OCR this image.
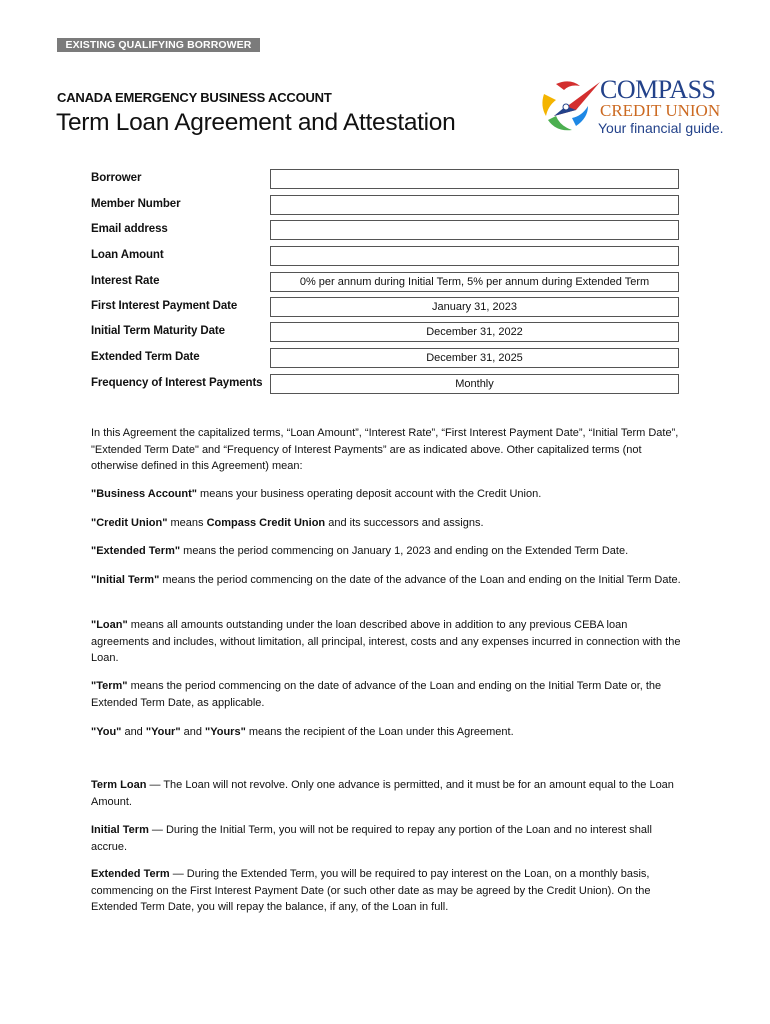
EXISTING QUALIFYING BORROWER
CANADA EMERGENCY BUSINESS ACCOUNT
Term Loan Agreement and Attestation
COMPASS
CREDIT UNION
Your financial guide.
Borrower
Member Number
Email address
Loan Amount
Interest Rate	0% per annum during Initial Term, 5% per annum during Extended Term
First Interest Payment Date	January 31, 2023
Initial Term Maturity Date	December 31, 2022
Extended Term Date	December 31, 2025
Frequency of Interest Payments	Monthly
In this Agreement the capitalized terms, “Loan Amount”, “Interest Rate”, “First Interest Payment Date”, “Initial Term Date”, "Extended Term Date" and “Frequency of Interest Payments” are as indicated above. Other capitalized terms (not otherwise defined in this Agreement) mean:
"Business Account" means your business operating deposit account with the Credit Union.
"Credit Union" means Compass Credit Union and its successors and assigns.
"Extended Term" means the period commencing on January 1, 2023 and ending on the Extended Term Date.
"Initial Term" means the period commencing on the date of the advance of the Loan and ending on the Initial Term Date.
"Loan" means all amounts outstanding under the loan described above in addition to any previous CEBA loan agreements and includes, without limitation, all principal, interest, costs and any expenses incurred in connection with the Loan.
"Term" means the period commencing on the date of advance of the Loan and ending on the Initial Term Date or, the Extended Term Date, as applicable.
"You" and "Your" and "Yours" means the recipient of the Loan under this Agreement.
Term Loan — The Loan will not revolve. Only one advance is permitted, and it must be for an amount equal to the Loan Amount.
Initial Term — During the Initial Term, you will not be required to repay any portion of the Loan and no interest shall accrue.
Extended Term — During the Extended Term, you will be required to pay interest on the Loan, on a monthly basis, commencing on the First Interest Payment Date (or such other date as may be agreed by the Credit Union). On the Extended Term Date, you will repay the balance, if any, of the Loan in full.
